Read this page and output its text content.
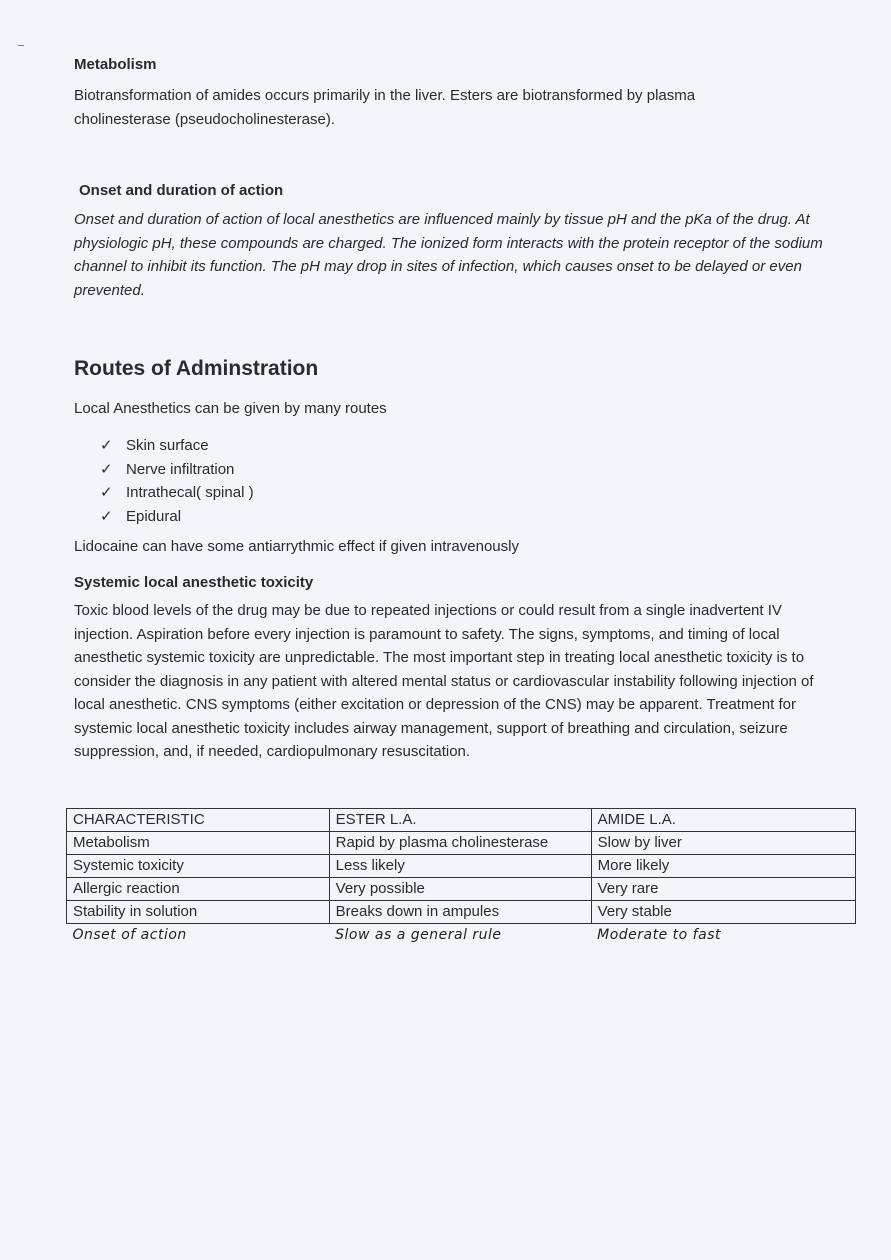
Metabolism
Biotransformation of amides occurs primarily in the liver. Esters are biotransformed by plasma cholinesterase (pseudocholinesterase).
Onset and duration of action
Onset and duration of action of local anesthetics are influenced mainly by tissue pH and the pKa of the drug. At physiologic pH, these compounds are charged. The ionized form interacts with the protein receptor of the sodium channel to inhibit its function. The pH may drop in sites of infection, which causes onset to be delayed or even prevented.
Routes of Adminstration
Local Anesthetics can be given by many routes
✓ Skin surface
✓ Nerve infiltration
✓ Intrathecal( spinal )
✓ Epidural
Lidocaine can have some antiarrythmic effect if given intravenously
Systemic local anesthetic toxicity
Toxic blood levels of the drug may be due to repeated injections or could result from a single inadvertent IV injection. Aspiration before every injection is paramount to safety. The signs, symptoms, and timing of local anesthetic systemic toxicity are unpredictable. The most important step in treating local anesthetic toxicity is to consider the diagnosis in any patient with altered mental status or cardiovascular instability following injection of local anesthetic. CNS symptoms (either excitation or depression of the CNS) may be apparent. Treatment for systemic local anesthetic toxicity includes airway management, support of breathing and circulation, seizure suppression, and, if needed, cardiopulmonary resuscitation.
CHARACTERISTIC	ESTER L.A.	AMIDE L.A.
Metabolism	Rapid by plasma cholinesterase	Slow by liver
Systemic toxicity	Less likely	More likely
Allergic reaction	Very possible	Very rare
Stability in solution	Breaks down in ampules	Very stable
Onset of action	Slow as a general rule	Moderate to fast
